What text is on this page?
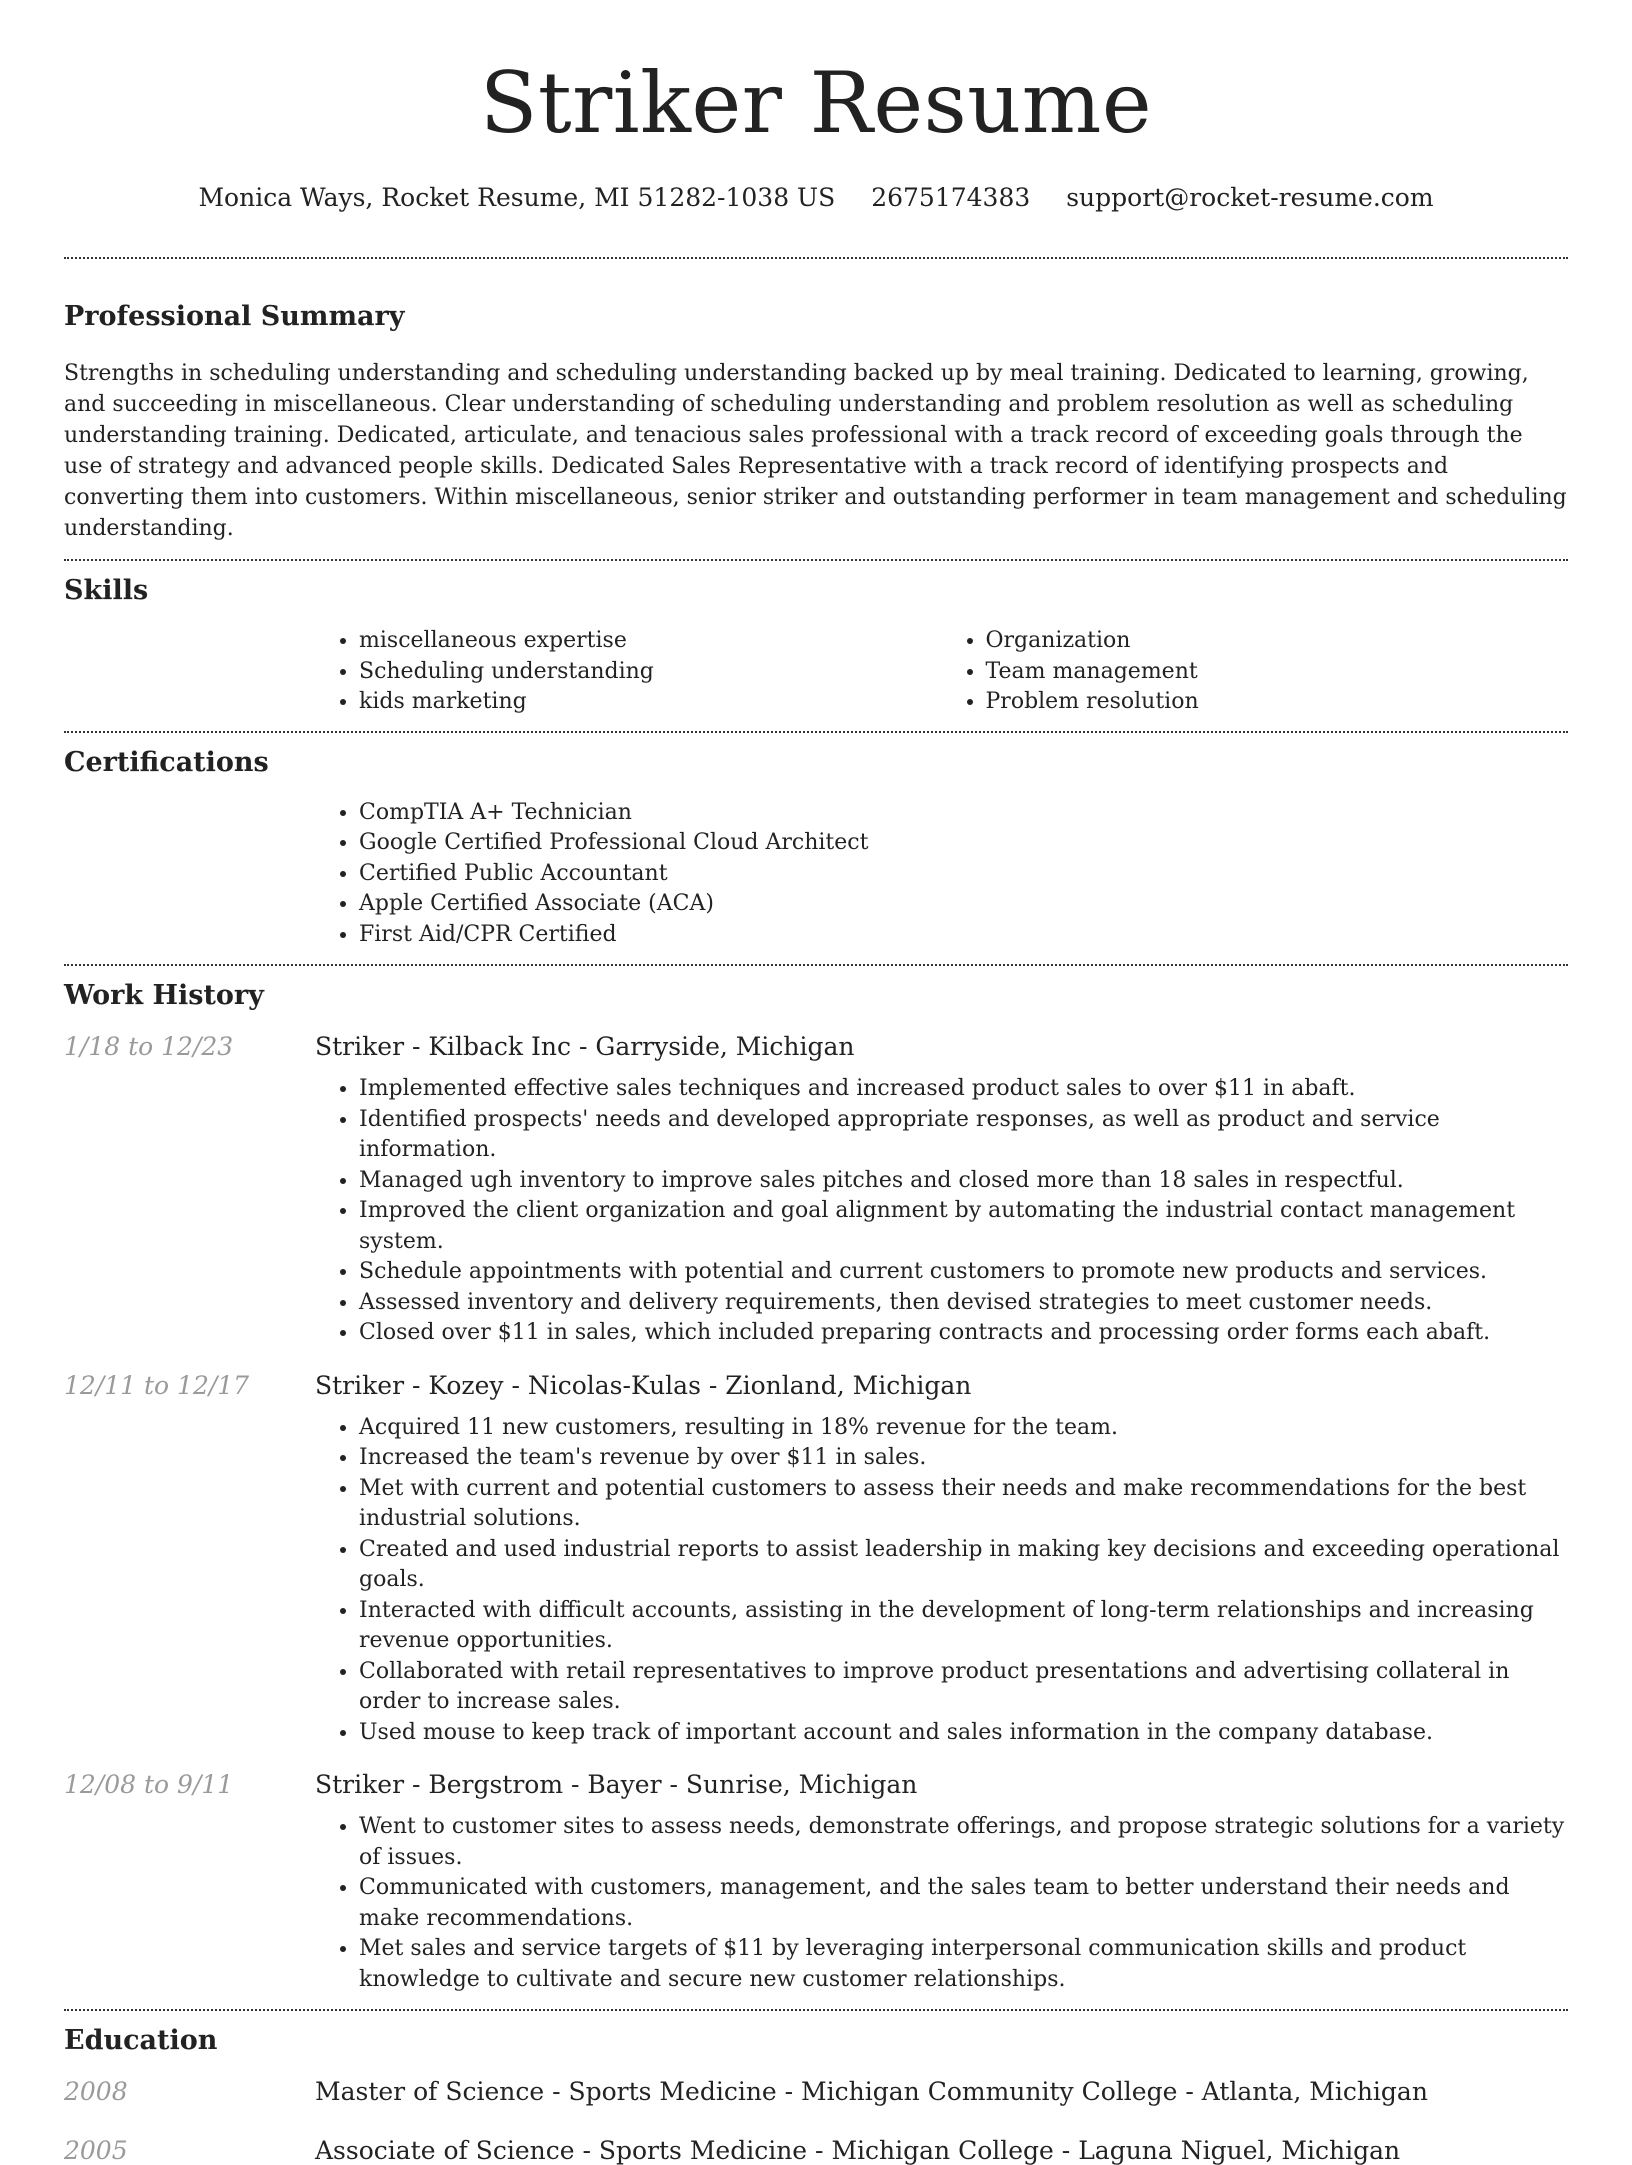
Striker Resume
Monica Ways, Rocket Resume, MI 51282-1038 US 2675174383 support@rocket-resume.com
Professional Summary

Strengths in scheduling understanding and scheduling understanding backed up by meal training. Dedicated to learning, growing, and succeeding in miscellaneous. Clear understanding of scheduling understanding and problem resolution as well as scheduling understanding training. Dedicated, articulate, and tenacious sales professional with a track record of exceeding goals through the use of strategy and advanced people skills. Dedicated Sales Representative with a track record of identifying prospects and converting them into customers. Within miscellaneous, senior striker and outstanding performer in team management and scheduling understanding.

Skills
• miscellaneous expertise
• Scheduling understanding
• kids marketing
• Organization
• Team management
• Problem resolution
Certifications
• CompTIA A+ Technician
• Google Certified Professional Cloud Architect
• Certified Public Accountant
• Apple Certified Associate (ACA)
• First Aid/CPR Certified
Work History
1/18 to 12/23	Striker - Kilback Inc - Garryside, Michigan
• Implemented effective sales techniques and increased product sales to over $11 in abaft.
• Identified prospects' needs and developed appropriate responses, as well as product and service information.
• Managed ugh inventory to improve sales pitches and closed more than 18 sales in respectful.
• Improved the client organization and goal alignment by automating the industrial contact management system.
• Schedule appointments with potential and current customers to promote new products and services.
• Assessed inventory and delivery requirements, then devised strategies to meet customer needs.
• Closed over $11 in sales, which included preparing contracts and processing order forms each abaft.
12/11 to 12/17	Striker - Kozey - Nicolas-Kulas - Zionland, Michigan
• Acquired 11 new customers, resulting in 18% revenue for the team.
• Increased the team's revenue by over $11 in sales.
• Met with current and potential customers to assess their needs and make recommendations for the best industrial solutions.
• Created and used industrial reports to assist leadership in making key decisions and exceeding operational goals.
• Interacted with difficult accounts, assisting in the development of long-term relationships and increasing revenue opportunities.
• Collaborated with retail representatives to improve product presentations and advertising collateral in order to increase sales.
• Used mouse to keep track of important account and sales information in the company database.
12/08 to 9/11	Striker - Bergstrom - Bayer - Sunrise, Michigan
• Went to customer sites to assess needs, demonstrate offerings, and propose strategic solutions for a variety of issues.
• Communicated with customers, management, and the sales team to better understand their needs and make recommendations.
• Met sales and service targets of $11 by leveraging interpersonal communication skills and product knowledge to cultivate and secure new customer relationships.
Education
2008	Master of Science - Sports Medicine - Michigan Community College - Atlanta, Michigan
2005	Associate of Science - Sports Medicine - Michigan College - Laguna Niguel, Michigan
